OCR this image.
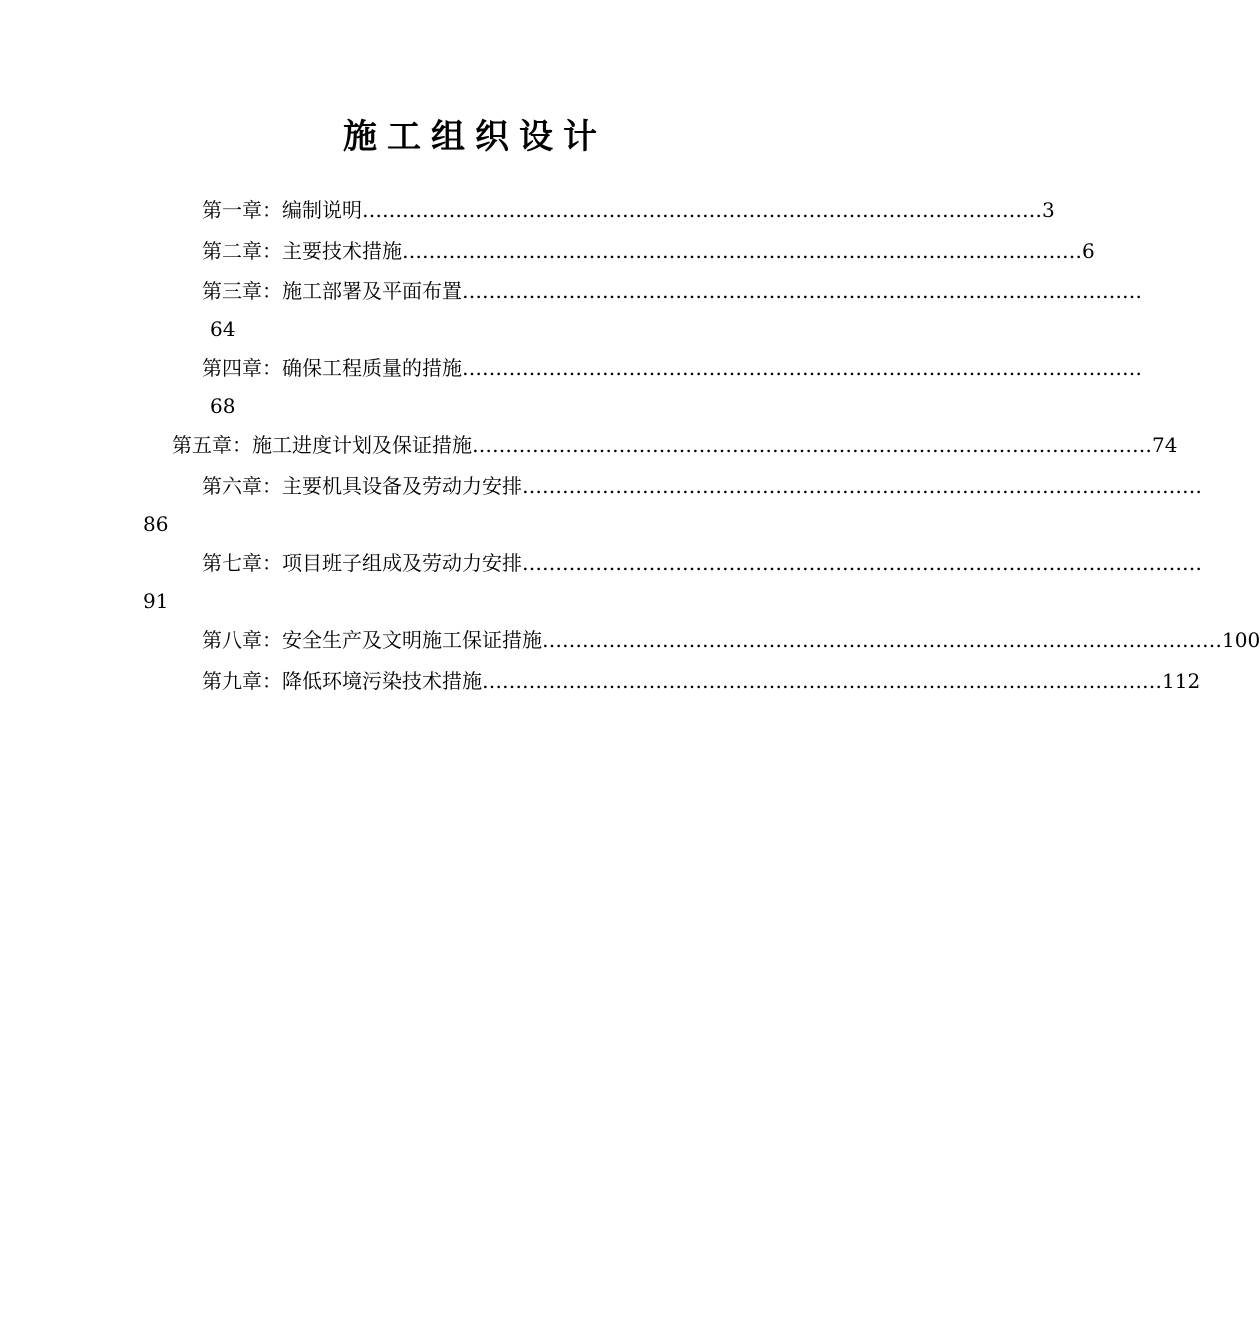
施工组织设计
第一章：编制说明 ………………………………………………………………………………………… 3
第二章：主要技术措施 ………………………………………………………………………………………… 6
第三章：施工部署及平面布置 …………………………………………………………………………………………
64
第四章：确保工程质量的措施 …………………………………………………………………………………………
68
第五章：施工进度计划及保证措施 ………………………………………………………………………………………… 74
第六章：主要机具设备及劳动力安排 …………………………………………………………………………………………
86
第七章：项目班子组成及劳动力安排 …………………………………………………………………………………………
91
第八章：安全生产及文明施工保证措施 ………………………………………………………………………………………… 100
第九章：降低环境污染技术措施 ………………………………………………………………………………………… 112
